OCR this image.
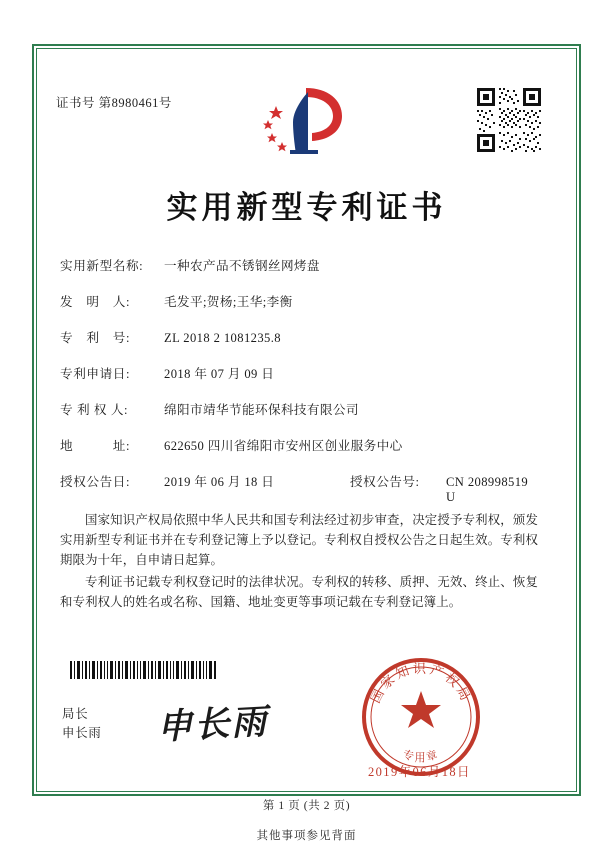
证书号 第8980461号
实用新型专利证书
实用新型名称:	一种农产品不锈钢丝网烤盘
发　明　人:	毛发平;贺杨;王华;李衡
专　利　号:	ZL 2018 2 1081235.8
专利申请日:	2018 年 07 月 09 日
专 利 权 人:	绵阳市靖华节能环保科技有限公司
地　　　址:	622650 四川省绵阳市安州区创业服务中心
授权公告日:	2019 年 06 月 18 日	授权公告号:	CN 208998519 U

国家知识产权局依照中华人民共和国专利法经过初步审查，决定授予专利权，颁发实用新型专利证书并在专利登记簿上予以登记。专利权自授权公告之日起生效。专利权期限为十年，自申请日起算。

专利证书记载专利权登记时的法律状况。专利权的转移、质押、无效、终止、恢复和专利权人的姓名或名称、国籍、地址变更等事项记载在专利登记簿上。

局长
申长雨 申长雨
国家知识产权局
专用章
2019年06月18日
第 1 页 (共 2 页)
其他事项参见背面
